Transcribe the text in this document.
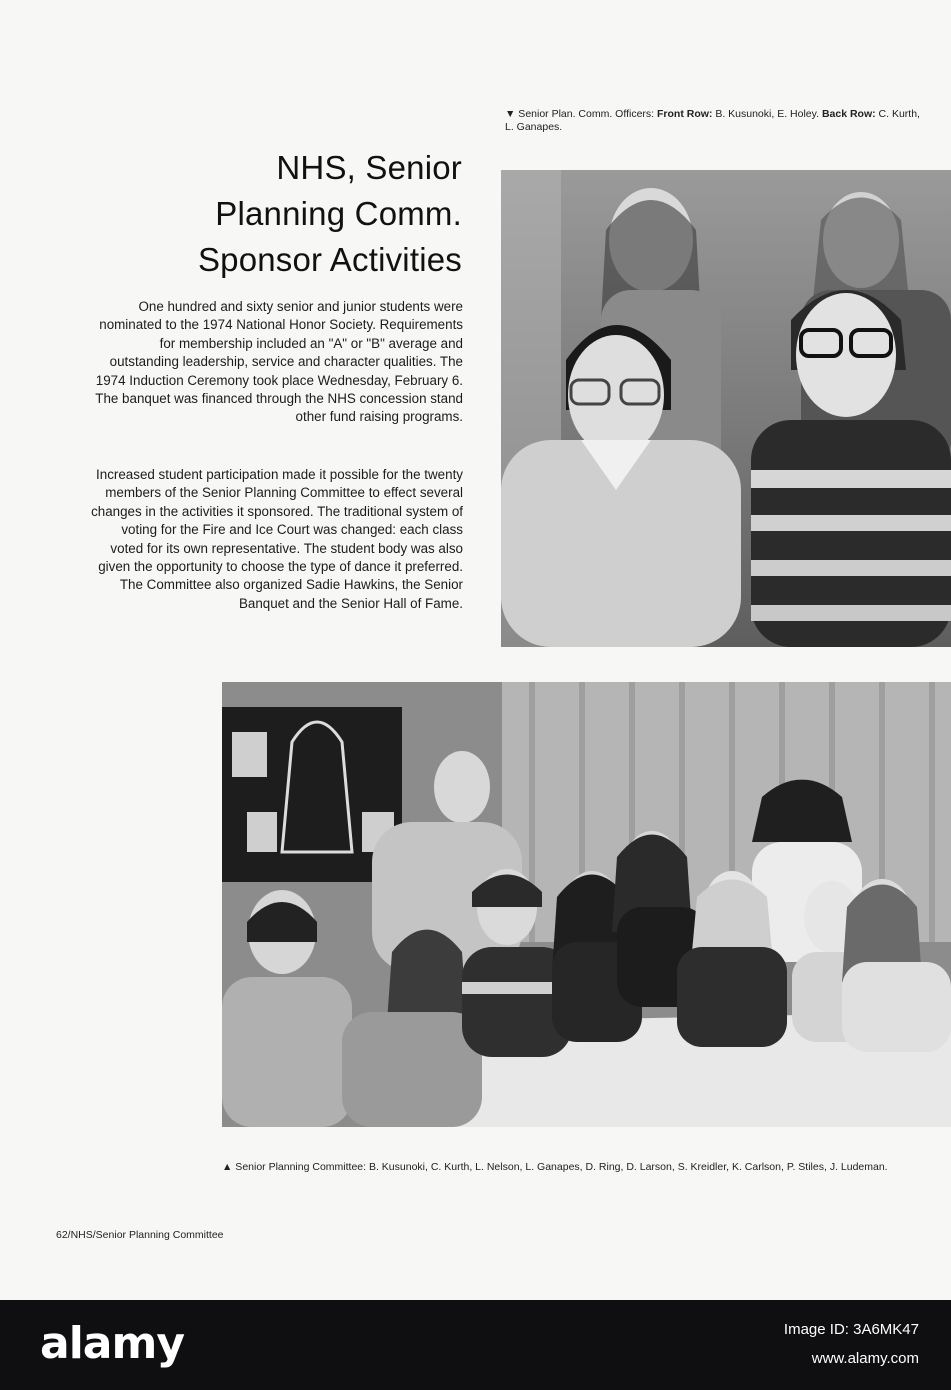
▼ Senior Plan. Comm. Officers: Front Row: B. Kusunoki, E. Holey. Back Row: C. Kurth, L. Ganapes.
NHS, Senior
Planning Comm.
Sponsor Activities

One hundred and sixty senior and junior students were nominated to the 1974 National Honor Society. Requirements for membership included an "A" or "B" average and outstanding leadership, service and character qualities. The 1974 Induction Ceremony took place Wednesday, February 6. The banquet was financed through the NHS concession stand other fund raising programs.

Increased student participation made it possible for the twenty members of the Senior Planning Committee to effect several changes in the activities it sponsored. The traditional system of voting for the Fire and Ice Court was changed: each class voted for its own representative. The student body was also given the opportunity to choose the type of dance it preferred. The Committee also organized Sadie Hawkins, the Senior Banquet and the Senior Hall of Fame.

▲ Senior Planning Committee: B. Kusunoki, C. Kurth, L. Nelson, L. Ganapes, D. Ring, D. Larson, S. Kreidler, K. Carlson, P. Stiles, J. Ludeman.
62/NHS/Senior Planning Committee
alamy	Image ID: 3A6MK47
www.alamy.com
